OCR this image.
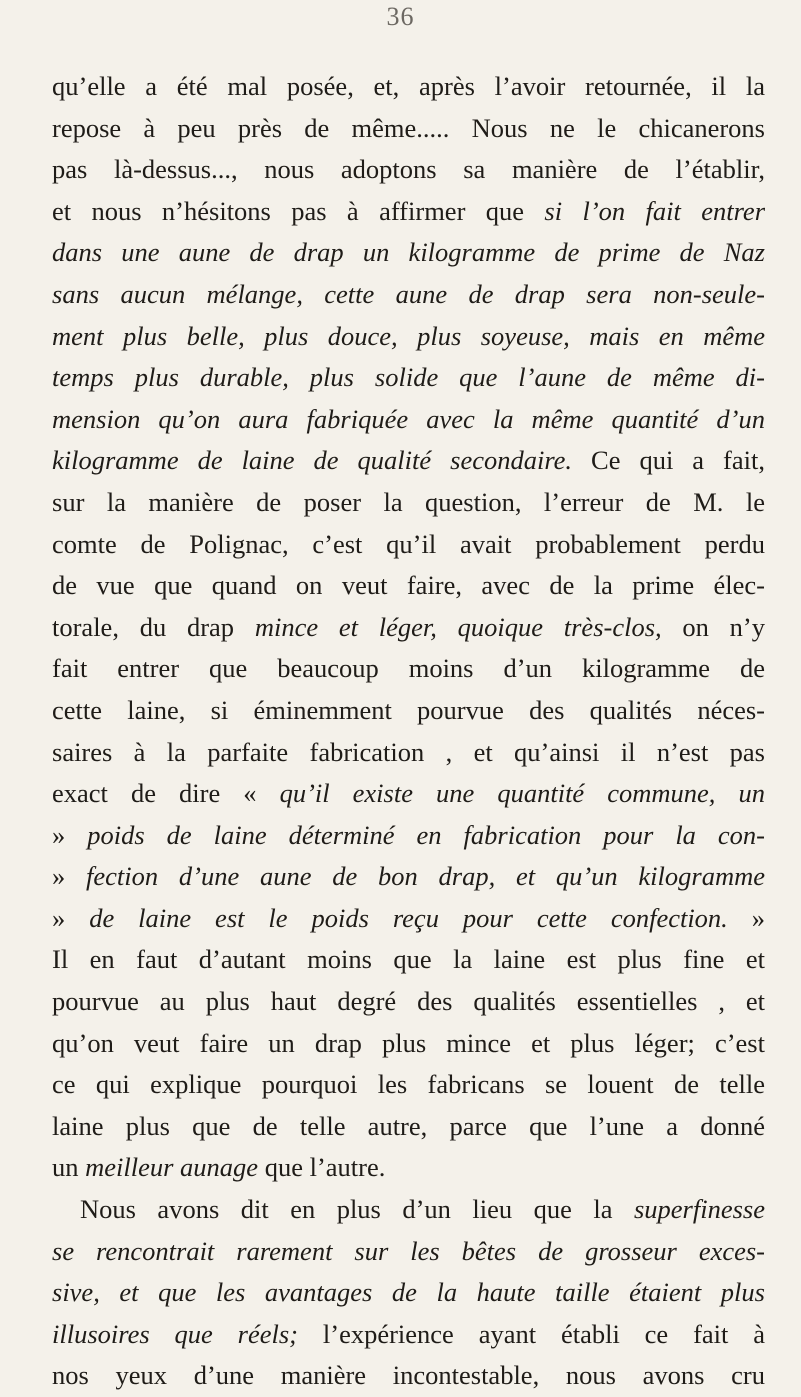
36
qu’elle a été mal posée, et, après l’avoir retournée, il la
repose à peu près de même..... Nous ne le chicanerons
pas là-dessus..., nous adoptons sa manière de l’établir,
et nous n’hésitons pas à affirmer que si l’on fait entrer
dans une aune de drap un kilogramme de prime de Naz
sans aucun mélange, cette aune de drap sera non-seule-
ment plus belle, plus douce, plus soyeuse, mais en même
temps plus durable, plus solide que l’aune de même di-
mension qu’on aura fabriquée avec la même quantité d’un
kilogramme de laine de qualité secondaire. Ce qui a fait,
sur la manière de poser la question, l’erreur de M. le
comte de Polignac, c’est qu’il avait probablement perdu
de vue que quand on veut faire, avec de la prime élec-
torale, du drap mince et léger, quoique très-clos, on n’y
fait entrer que beaucoup moins d’un kilogramme de
cette laine, si éminemment pourvue des qualités néces-
saires à la parfaite fabrication , et qu’ainsi il n’est pas
exact de dire « qu’il existe une quantité commune, un
» poids de laine déterminé en fabrication pour la con-
» fection d’une aune de bon drap, et qu’un kilogramme
» de laine est le poids reçu pour cette confection. »
Il en faut d’autant moins que la laine est plus fine et
pourvue au plus haut degré des qualités essentielles , et
qu’on veut faire un drap plus mince et plus léger; c’est
ce qui explique pourquoi les fabricans se louent de telle
laine plus que de telle autre, parce que l’une a donné
un meilleur aunage que l’autre.
Nous avons dit en plus d’un lieu que la superfinesse
se rencontrait rarement sur les bêtes de grosseur exces-
sive, et que les avantages de la haute taille étaient plus
illusoires que réels; l’expérience ayant établi ce fait à
nos yeux d’une manière incontestable, nous avons cru
